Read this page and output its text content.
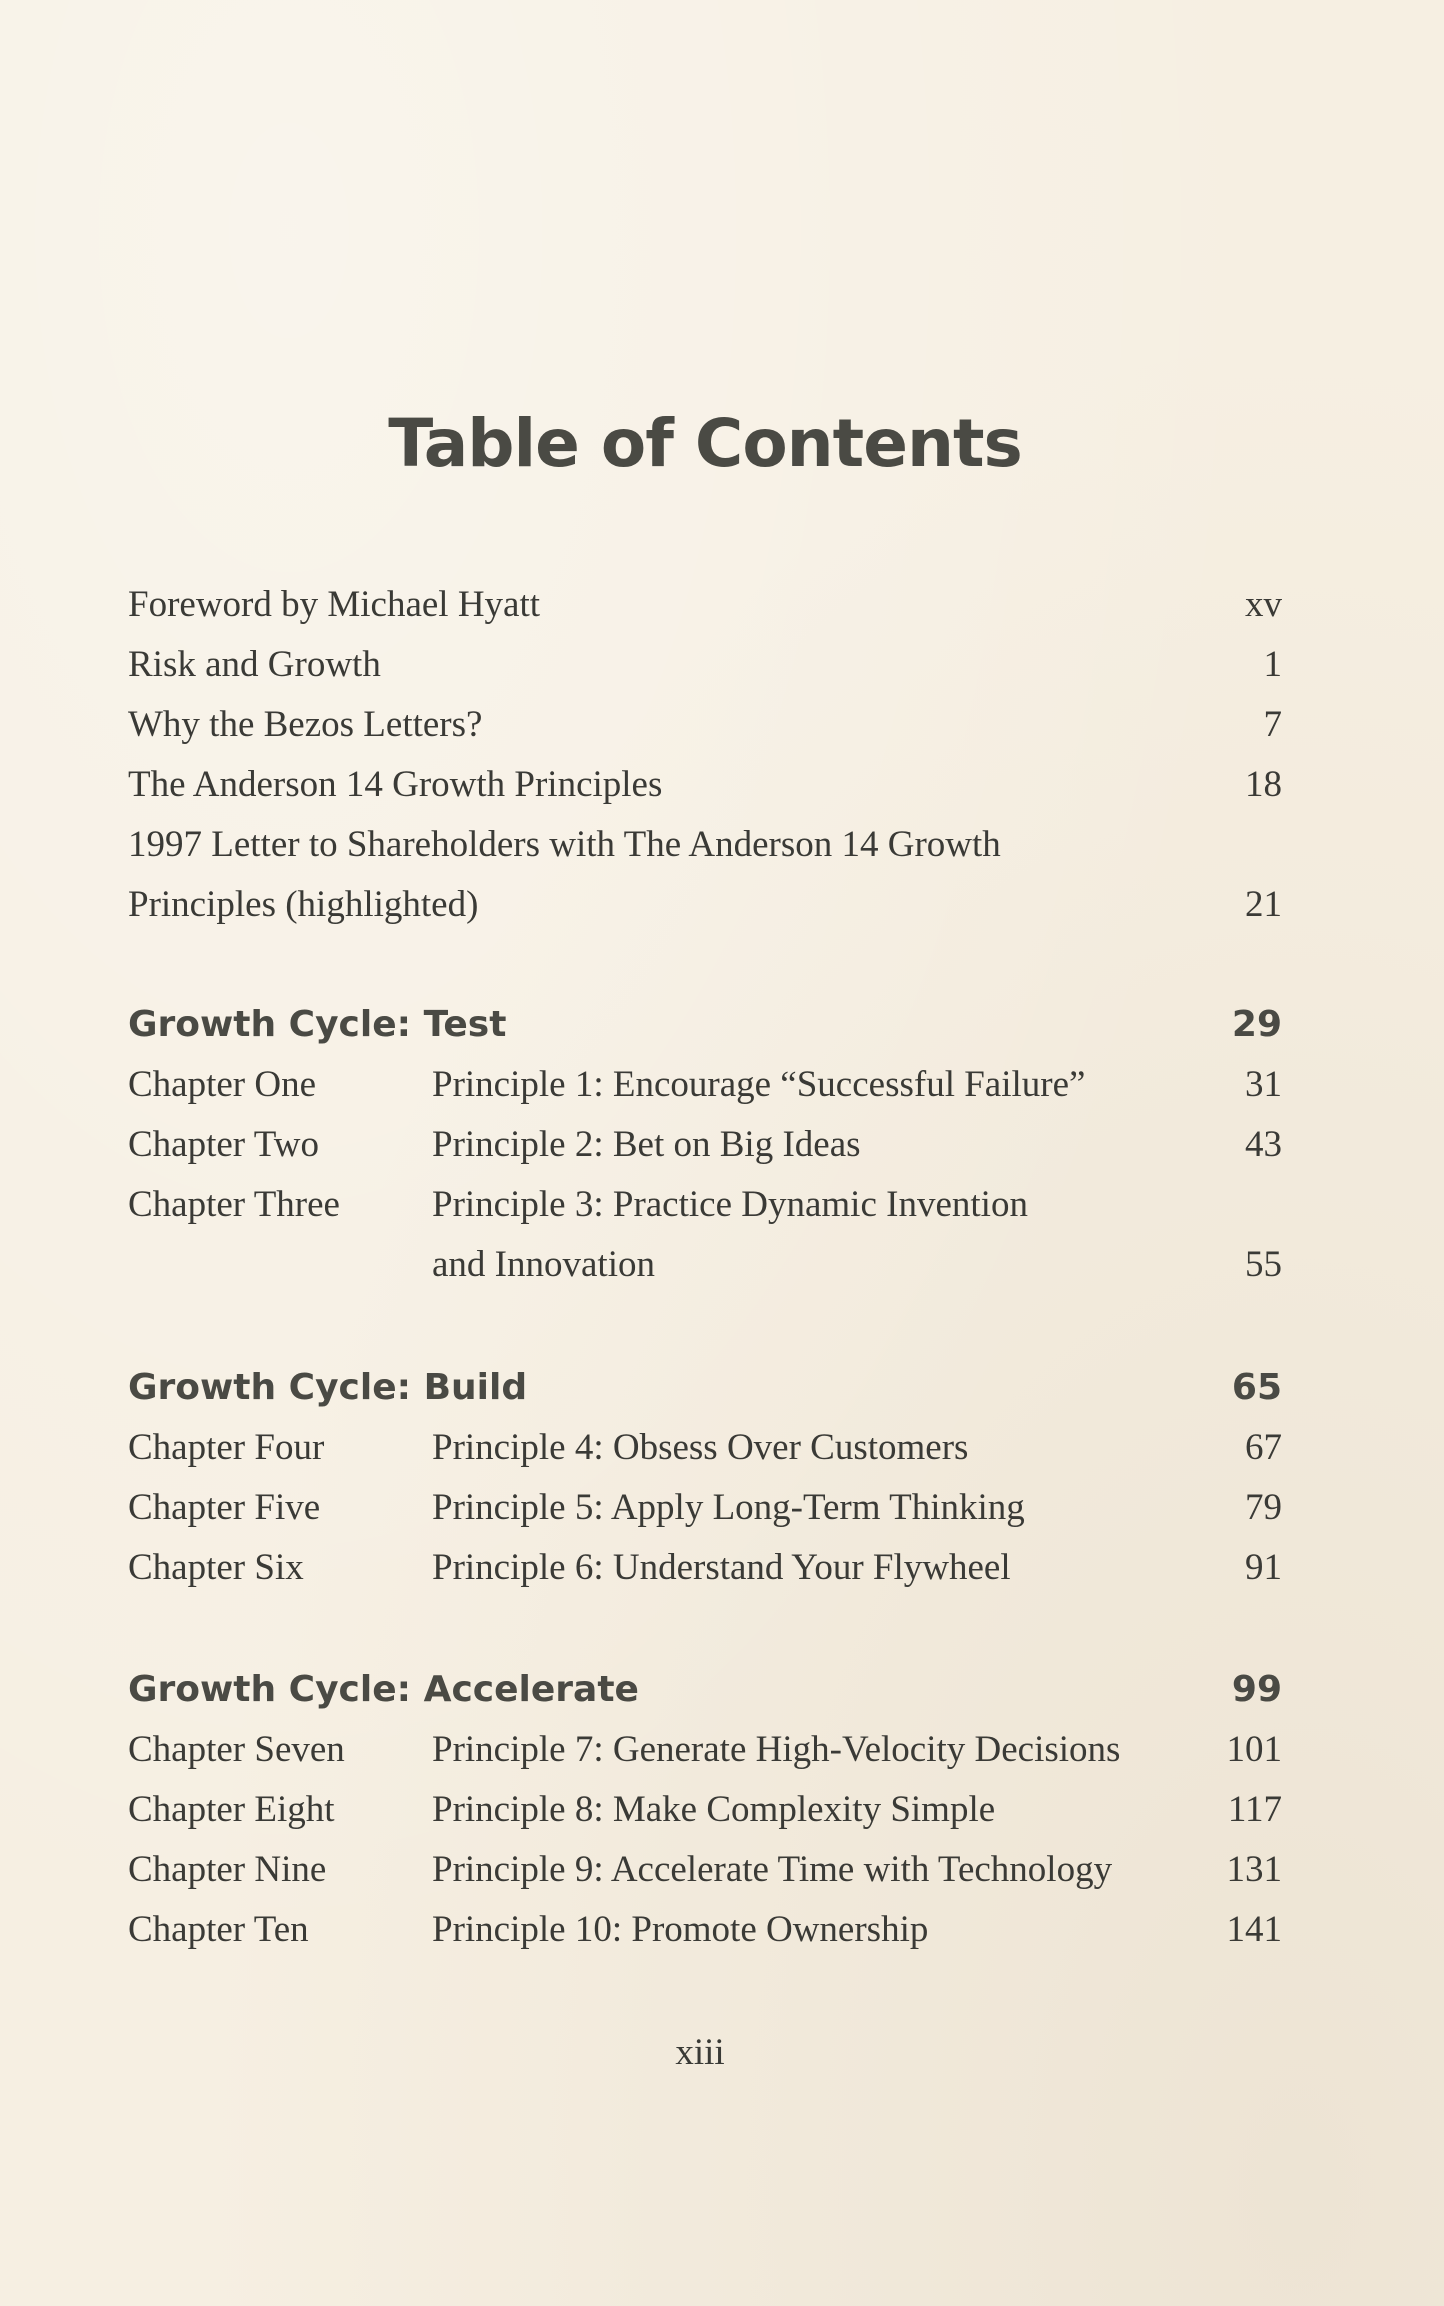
Table of Contents
Foreword by Michael Hyatt	xv
Risk and Growth	1
Why the Bezos Letters?	7
The Anderson 14 Growth Principles	18
1997 Letter to Shareholders with The Anderson 14 Growth
Principles (highlighted)	21
Growth Cycle: Test	29
Chapter One	Principle 1: Encourage “Successful Failure”	31
Chapter Two	Principle 2: Bet on Big Ideas	43
Chapter Three Principle 3: Practice Dynamic Invention
and Innovation	55
Growth Cycle: Build	65
Chapter Four	Principle 4: Obsess Over Customers	67
Chapter Five	Principle 5: Apply Long-Term Thinking	79
Chapter Six	Principle 6: Understand Your Flywheel	91
Growth Cycle: Accelerate	99
Chapter Seven Principle 7: Generate High-Velocity Decisions	101
Chapter Eight	Principle 8: Make Complexity Simple	117
Chapter Nine	Principle 9: Accelerate Time with Technology	131
Chapter Ten	Principle 10: Promote Ownership	141
xiii
